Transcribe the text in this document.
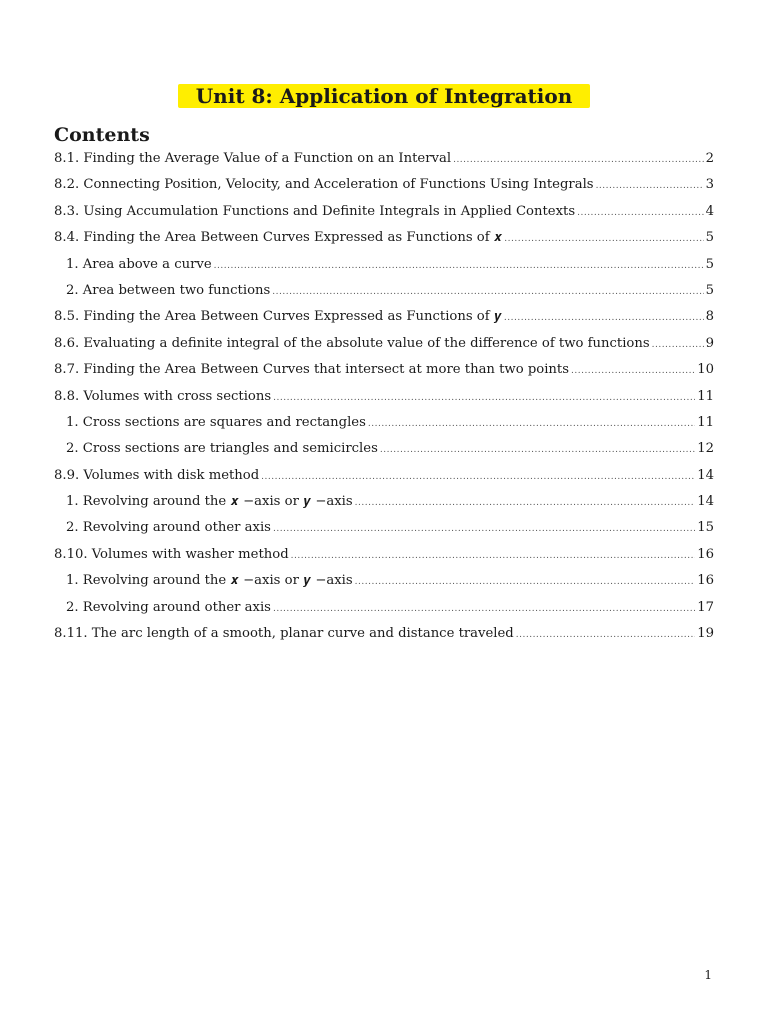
Unit 8: Application of Integration
Contents
8.1. Finding the Average Value of a Function on an Interval .....	2
8.2. Connecting Position, Velocity, and Acceleration of Functions Using Integrals .....	3
8.3. Using Accumulation Functions and Definite Integrals in Applied Contexts .....	4
8.4. Finding the Area Between Curves Expressed as Functions of 𝒙 .....	5
1. Area above a curve .....	5
2. Area between two functions .....	5
8.5. Finding the Area Between Curves Expressed as Functions of 𝒚 .....	8
8.6. Evaluating a definite integral of the absolute value of the difference of two functions .....	9
8.7. Finding the Area Between Curves that intersect at more than two points .....	10
8.8. Volumes with cross sections .....	11
1. Cross sections are squares and rectangles .....	11
2. Cross sections are triangles and semicircles .....	12
8.9. Volumes with disk method .....	14
1. Revolving around the 𝒙 −axis or 𝒚 −axis .....	14
2. Revolving around other axis .....	15
8.10. Volumes with washer method .....	16
1. Revolving around the 𝒙 −axis or 𝒚 −axis .....	16
2. Revolving around other axis .....	17
8.11. The arc length of a smooth, planar curve and distance traveled .....	19
1
